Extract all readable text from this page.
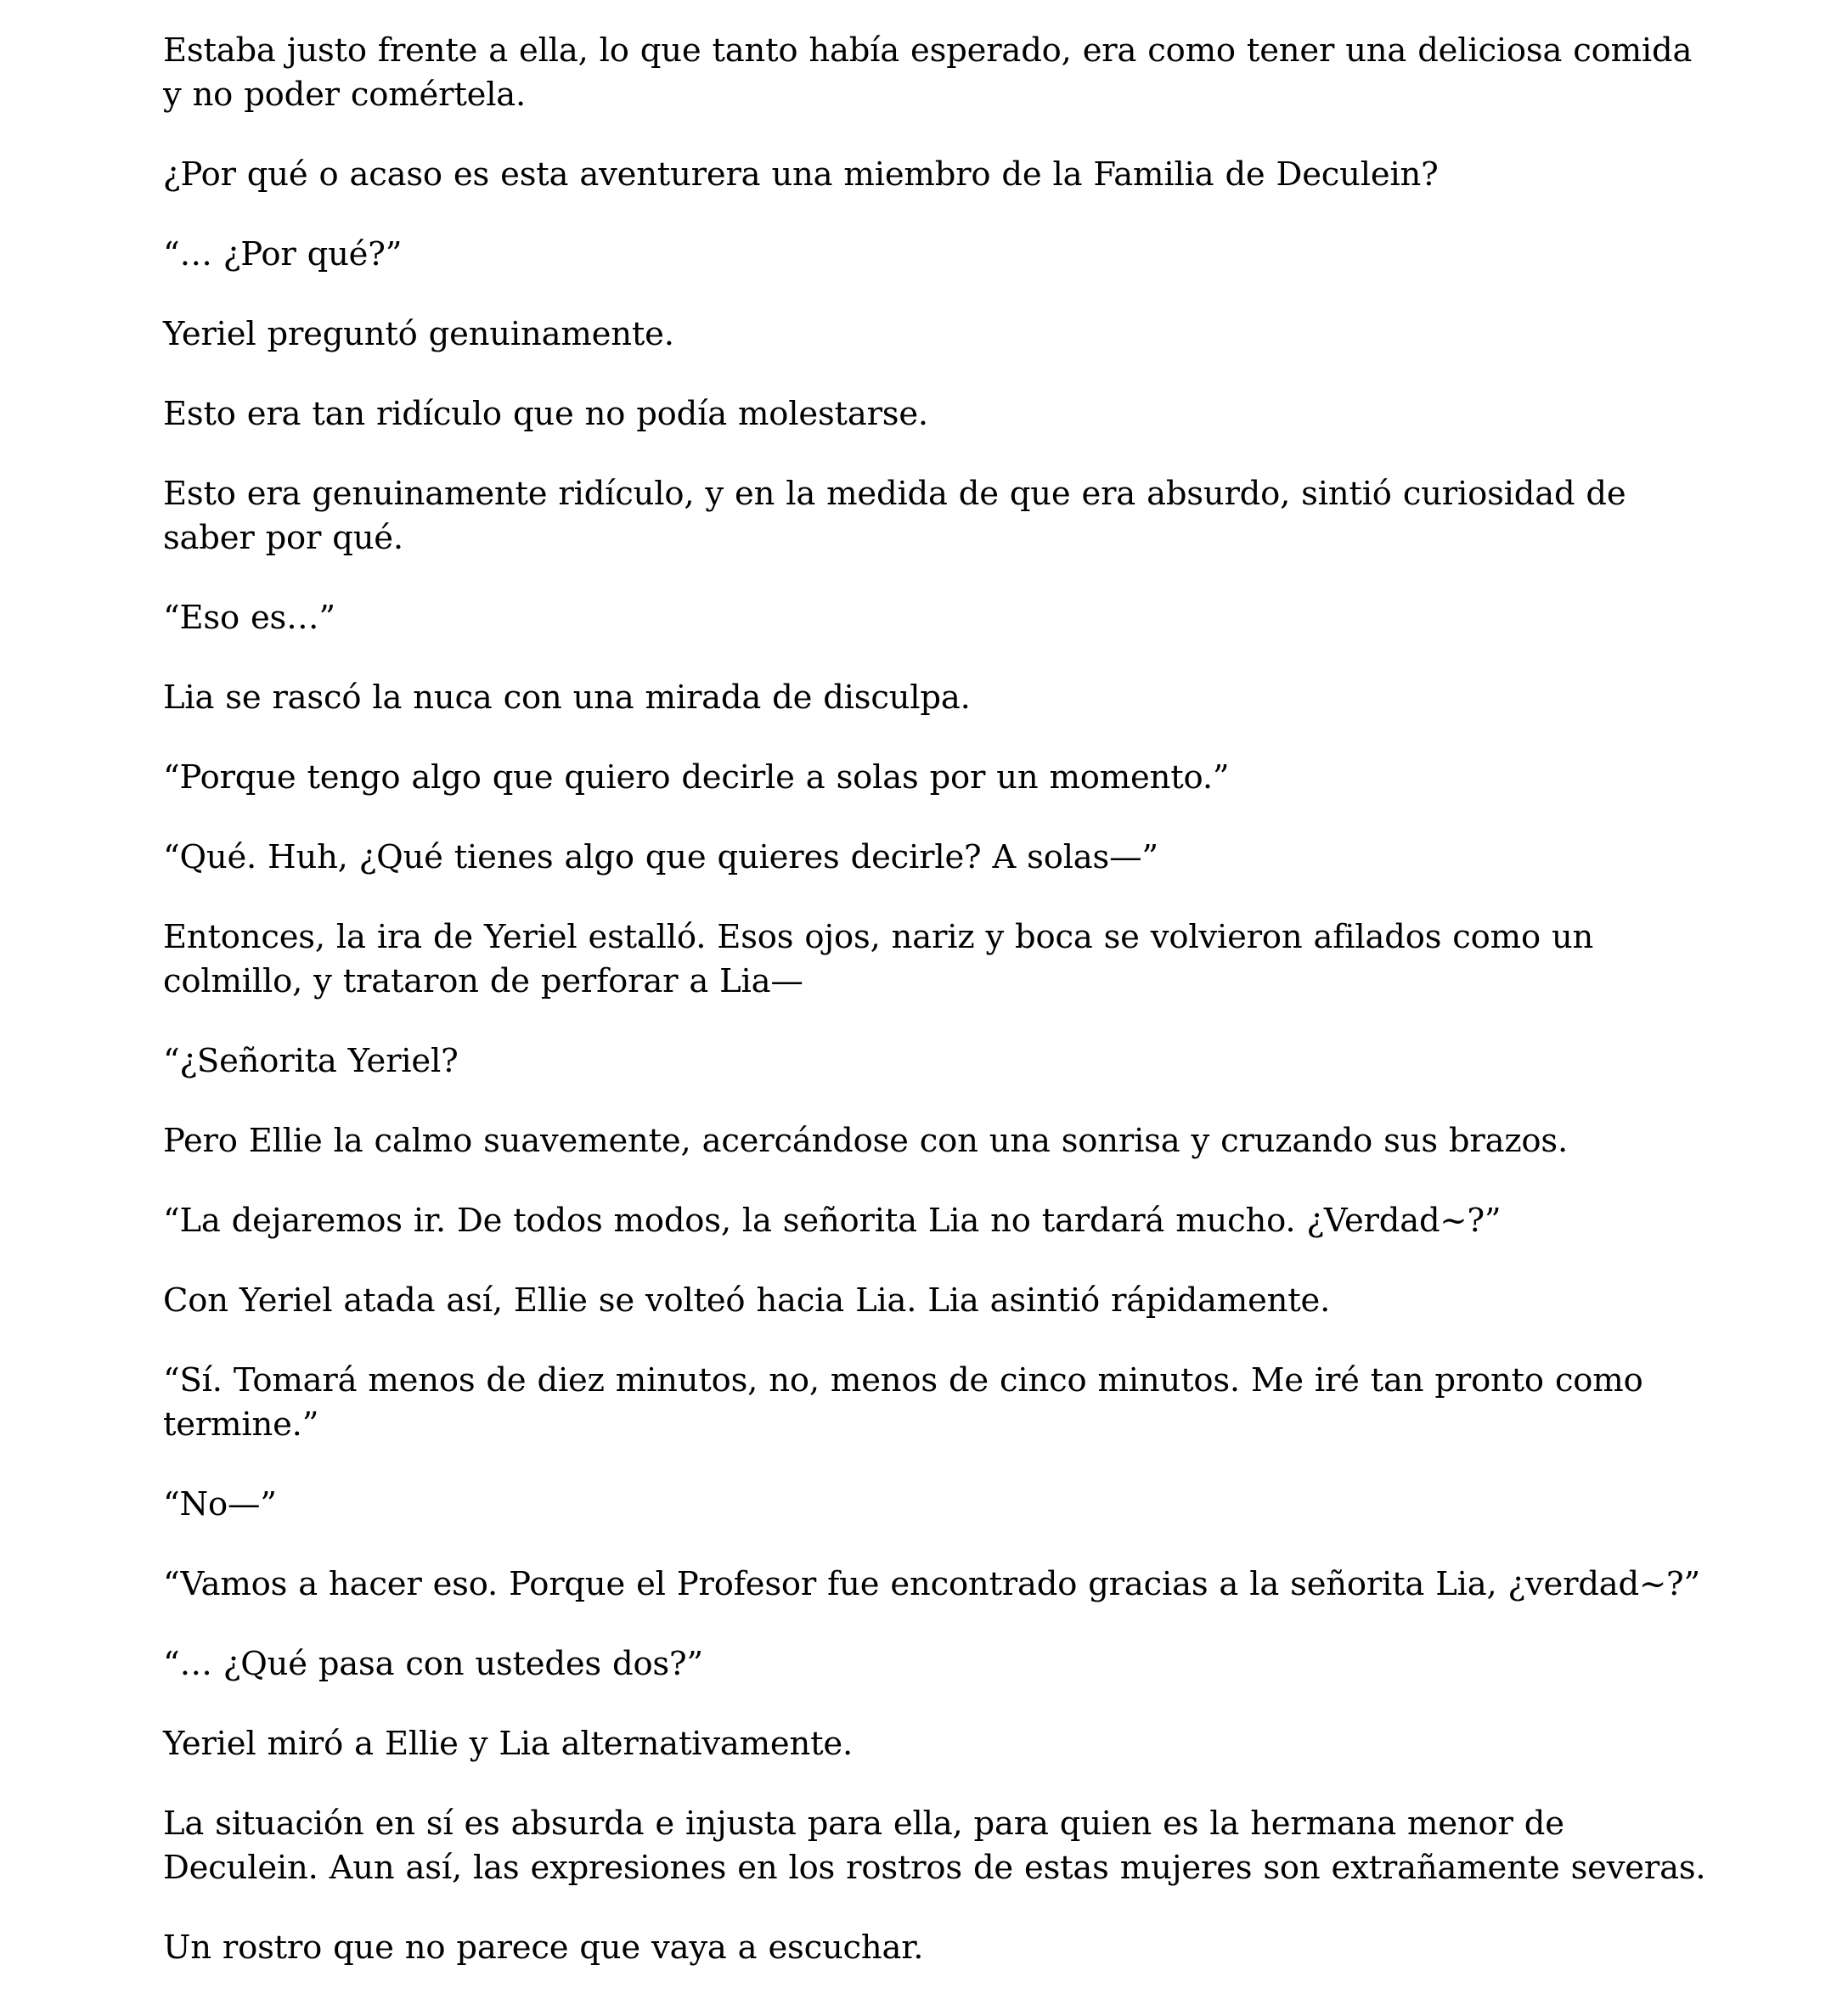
Estaba justo frente a ella, lo que tanto había esperado, era como tener una deliciosa comida y no poder comértela.

¿Por qué o acaso es esta aventurera una miembro de la Familia de Deculein?

“… ¿Por qué?”

Yeriel preguntó genuinamente.

Esto era tan ridículo que no podía molestarse.

Esto era genuinamente ridículo, y en la medida de que era absurdo, sintió curiosidad de saber por qué.

“Eso es…”

Lia se rascó la nuca con una mirada de disculpa.

“Porque tengo algo que quiero decirle a solas por un momento.”

“Qué. Huh, ¿Qué tienes algo que quieres decirle? A solas—”

Entonces, la ira de Yeriel estalló. Esos ojos, nariz y boca se volvieron afilados como un colmillo, y trataron de perforar a Lia—

“¿Señorita Yeriel?

Pero Ellie la calmo suavemente, acercándose con una sonrisa y cruzando sus brazos.

“La dejaremos ir. De todos modos, la señorita Lia no tardará mucho. ¿Verdad~?”

Con Yeriel atada así, Ellie se volteó hacia Lia. Lia asintió rápidamente.

“Sí. Tomará menos de diez minutos, no, menos de cinco minutos. Me iré tan pronto como termine.”

“No—”

“Vamos a hacer eso. Porque el Profesor fue encontrado gracias a la señorita Lia, ¿verdad~?”

“… ¿Qué pasa con ustedes dos?”

Yeriel miró a Ellie y Lia alternativamente.

La situación en sí es absurda e injusta para ella, para quien es la hermana menor de Deculein. Aun así, las expresiones en los rostros de estas mujeres son extrañamente severas.

Un rostro que no parece que vaya a escuchar.
